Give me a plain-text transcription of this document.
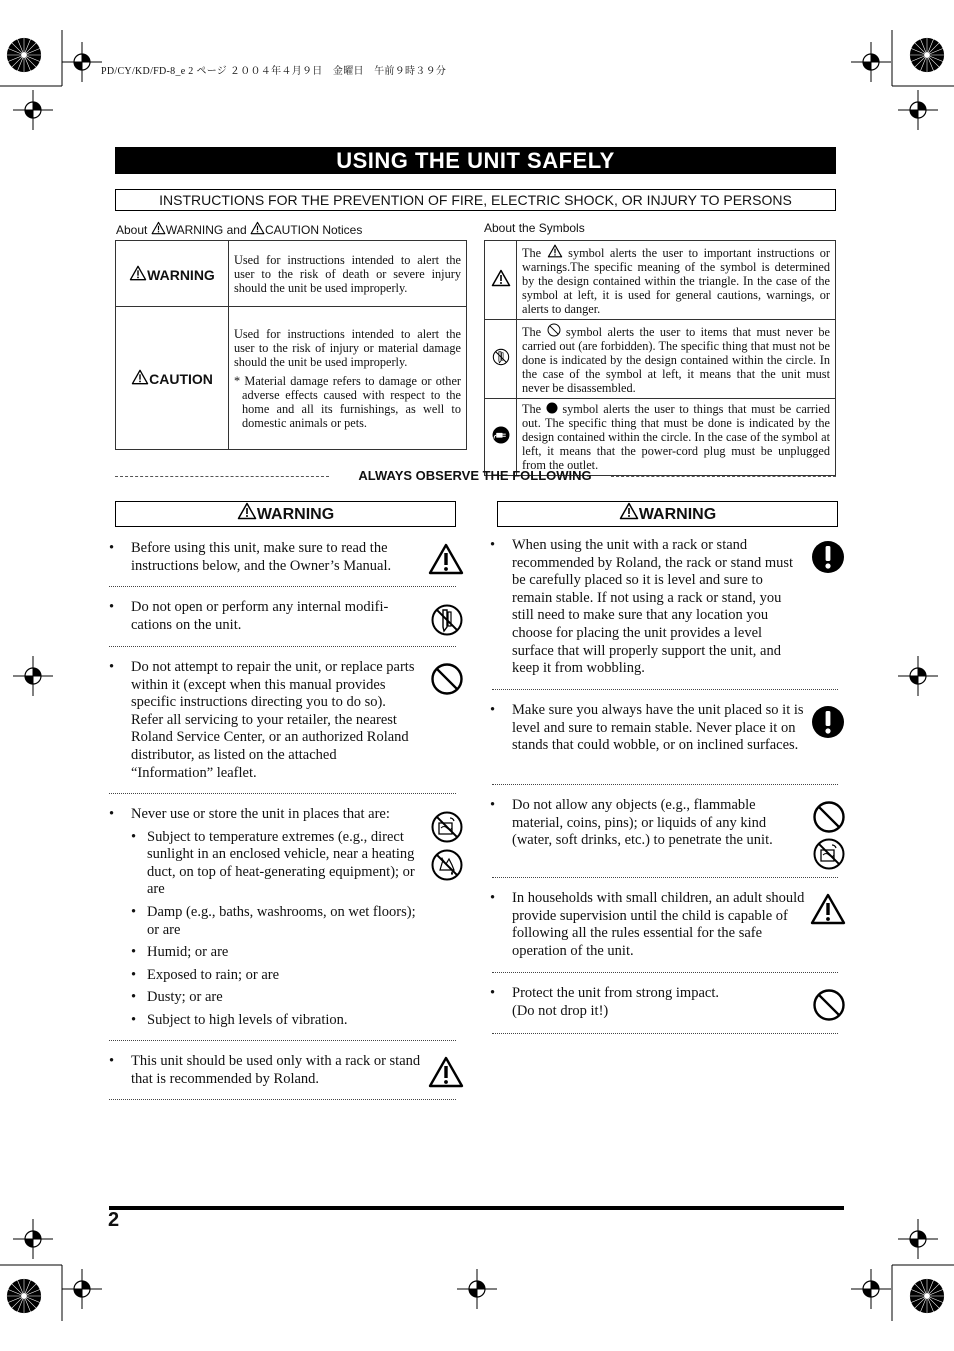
PD/CY/KD/FD-8_e 2 ページ ２００４年４月９日　金曜日　午前９時３９分
USING THE UNIT SAFELY
INSTRUCTIONS FOR THE PREVENTION OF FIRE, ELECTRIC SHOCK, OR INJURY TO PERSONS
About WARNING and CAUTION Notices
WARNING	Used for instructions intended to alert the user to the risk of death or severe injury should the unit be used improperly.
CAUTION	Used for instructions intended to alert the user to the risk of injury or material damage should the unit be used improperly.
* Material damage refers to damage or other adverse effects caused with respect to the home and all its furnishings, as well to domestic animals or pets.
About the Symbols
	The symbol alerts the user to important instructions or warnings.The specific meaning of the symbol is determined by the design contained within the triangle. In the case of the symbol at left, it is used for general cautions, warnings, or alerts to danger.
	The symbol alerts the user to items that must never be carried out (are forbidden). The specific thing that must not be done is indicated by the design contained within the circle. In the case of the symbol at left, it means that the unit must never be disassembled.
	The symbol alerts the user to things that must be carried out. The specific thing that must be done is indicated by the design contained within the circle. In the case of the symbol at left, it means that the power-cord plug must be unplugged from the outlet.
ALWAYS OBSERVE THE FOLLOWING
WARNING
• Before using this unit, make sure to read the instructions below, and the Owner’s Manual.
• Do not open or perform any internal modifi-cations on the unit.
• Do not attempt to repair the unit, or replace parts within it (except when this manual provides specific instructions directing you to do so). Refer all servicing to your retailer, the nearest Roland Service Center, or an authorized Roland distributor, as listed on the attached “Information” leaflet.
• Never use or store the unit in places that are:
• Subject to temperature extremes (e.g., direct sunlight in an enclosed vehicle, near a heating duct, on top of heat-generating equipment); or are
• Damp (e.g., baths, washrooms, on wet floors); or are
• Humid; or are
• Exposed to rain; or are
• Dusty; or are
• Subject to high levels of vibration.
• This unit should be used only with a rack or stand that is recommended by Roland.
WARNING
• When using the unit with a rack or stand recommended by Roland, the rack or stand must be carefully placed so it is level and sure to remain stable. If not using a rack or stand, you still need to make sure that any location you choose for placing the unit provides a level surface that will properly support the unit, and keep it from wobbling.
• Make sure you always have the unit placed so it is level and sure to remain stable. Never place it on stands that could wobble, or on inclined surfaces.
• Do not allow any objects (e.g., flammable material, coins, pins); or liquids of any kind (water, soft drinks, etc.) to penetrate the unit.
• In households with small children, an adult should provide supervision until the child is capable of following all the rules essential for the safe operation of the unit.
• Protect the unit from strong impact.
(Do not drop it!)
2
